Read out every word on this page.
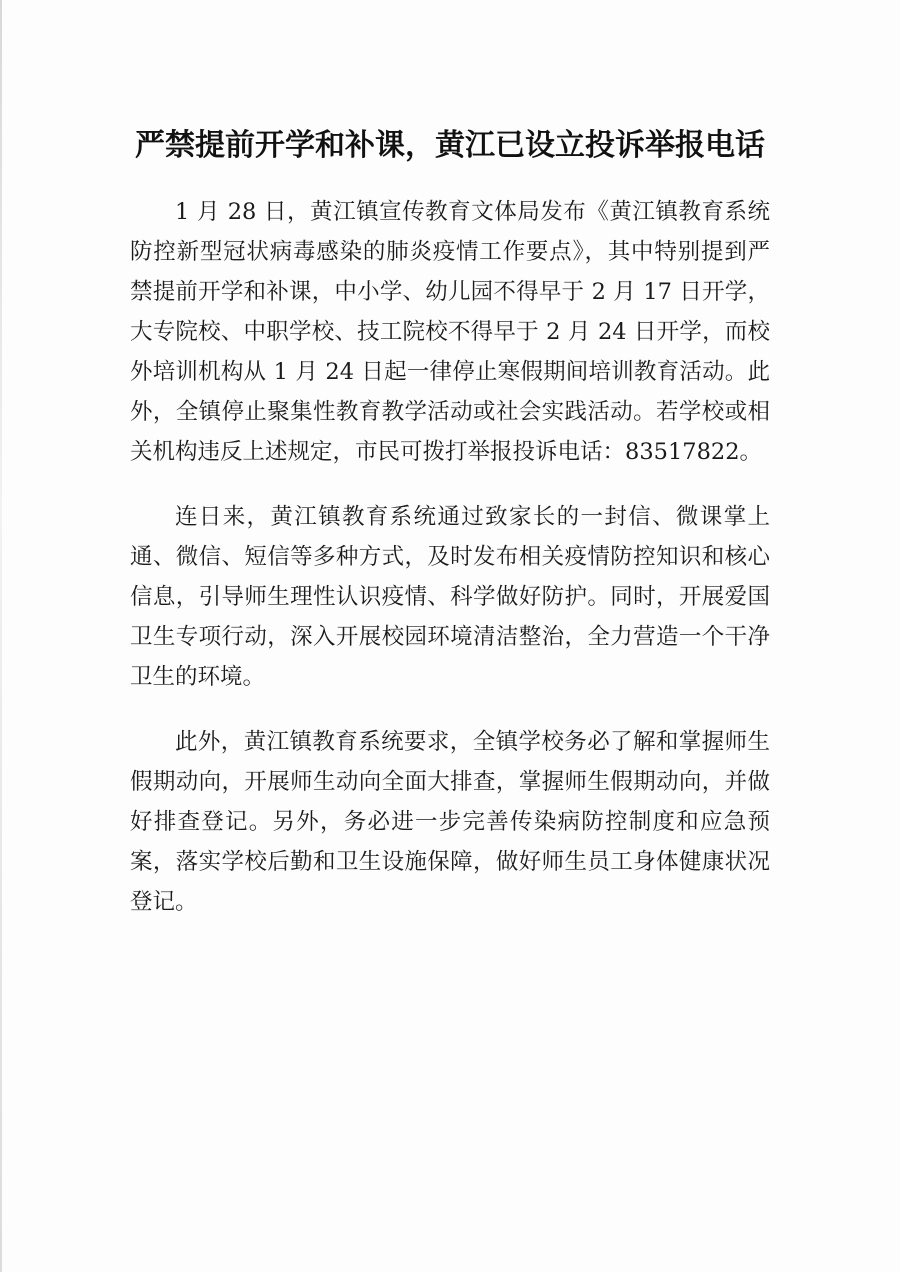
严禁提前开学和补课，黄江已设立投诉举报电话

1 月 28 日，黄江镇宣传教育文体局发布《黄江镇教育系统防控新型冠状病毒感染的肺炎疫情工作要点》，其中特别提到严禁提前开学和补课，中小学、幼儿园不得早于 2 月 17 日开学，大专院校、中职学校、技工院校不得早于 2 月 24 日开学，而校外培训机构从 1 月 24 日起一律停止寒假期间培训教育活动。此外，全镇停止聚集性教育教学活动或社会实践活动。若学校或相关机构违反上述规定，市民可拨打举报投诉电话：83517822。

连日来，黄江镇教育系统通过致家长的一封信、微课掌上通、微信、短信等多种方式，及时发布相关疫情防控知识和核心信息，引导师生理性认识疫情、科学做好防护。同时，开展爱国卫生专项行动，深入开展校园环境清洁整治，全力营造一个干净卫生的环境。

此外，黄江镇教育系统要求，全镇学校务必了解和掌握师生假期动向，开展师生动向全面大排查，掌握师生假期动向，并做好排查登记。另外，务必进一步完善传染病防控制度和应急预案，落实学校后勤和卫生设施保障，做好师生员工身体健康状况登记。
